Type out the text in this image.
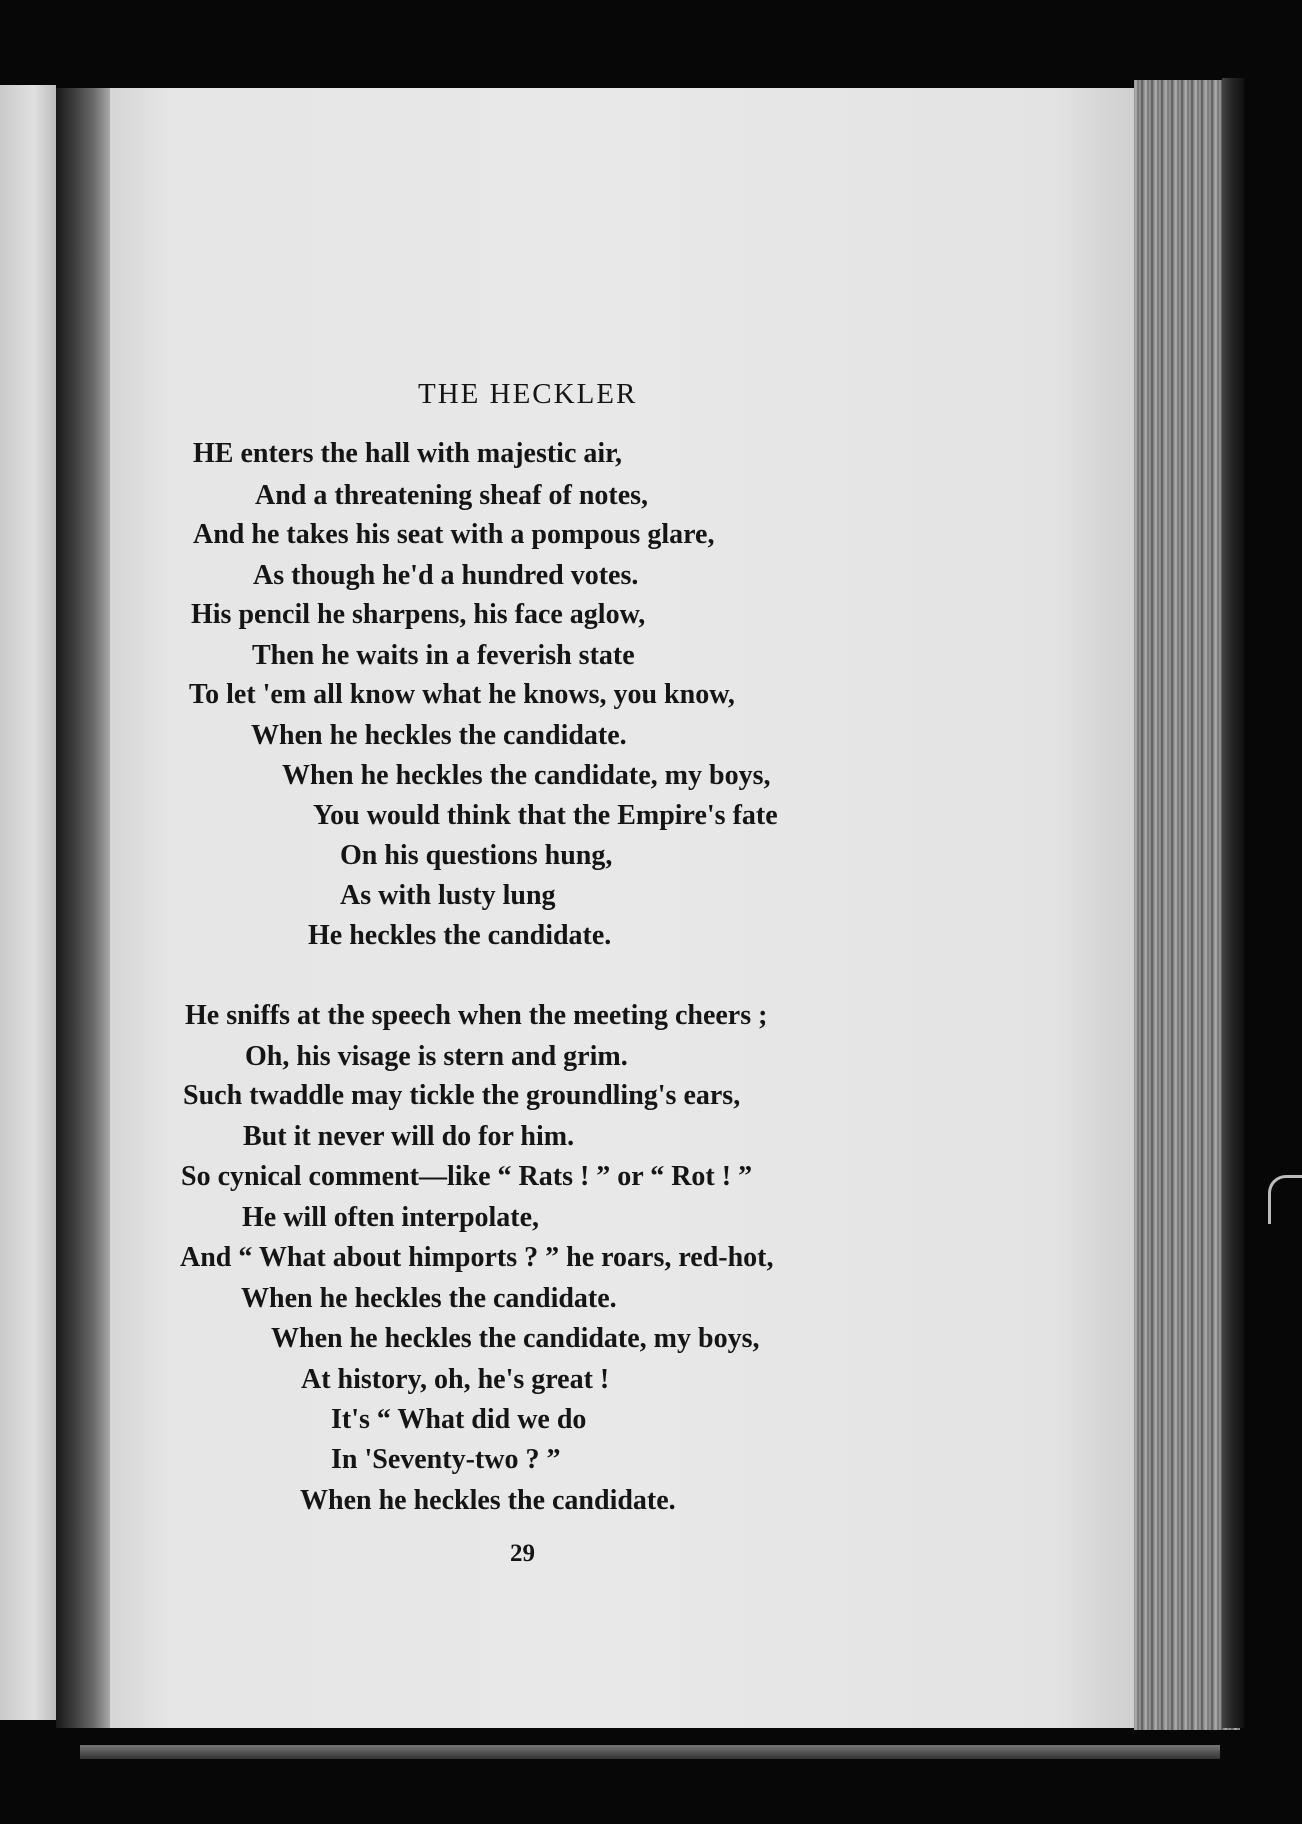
THE HECKLER
HE enters the hall with majestic air,
And a threatening sheaf of notes,
And he takes his seat with a pompous glare,
As though he'd a hundred votes.
His pencil he sharpens, his face aglow,
Then he waits in a feverish state
To let 'em all know what he knows, you know,
When he heckles the candidate.
When he heckles the candidate, my boys,
You would think that the Empire's fate
On his questions hung,
As with lusty lung
He heckles the candidate.
He sniffs at the speech when the meeting cheers ;
Oh, his visage is stern and grim.
Such twaddle may tickle the groundling's ears,
But it never will do for him.
So cynical comment—like “ Rats ! ” or “ Rot ! ”
He will often interpolate,
And “ What about himports ? ” he roars, red-hot,
When he heckles the candidate.
When he heckles the candidate, my boys,
At history, oh, he's great !
It's “ What did we do
In 'Seventy-two ? ”
When he heckles the candidate.
29
